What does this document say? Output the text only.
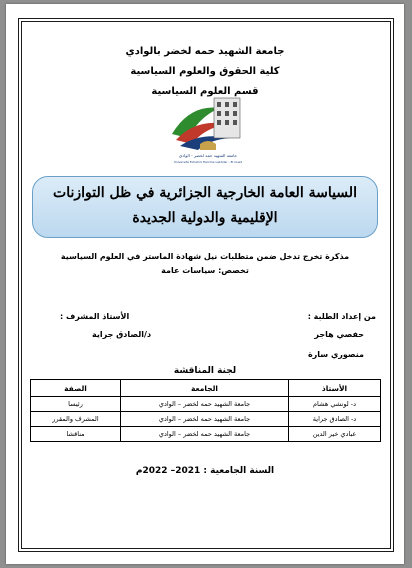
جامعة الشهيد حمه لخضر بالوادي
كلية الحقوق والعلوم السياسية
قسم العلوم السياسية
جامعة الشهيد حمه لخضر - الوادي
Université Echahid Hamma Lakhdar - El Oued
السياسة العامة الخارجية الجزائرية في ظل التوازنات
الإقليمية والدولية الجديدة
مذكرة تخرج تدخل ضمن متطلبات نيل شهادة الماستر في العلوم السياسية
تخصص: سياسات عامة
من إعداد الطلبة :
حفصي هاجر
منصوري سارة
الأستاذ المشرف :
د/الصادق جراية
لجنة المناقشة
الأستاذ	الجامعة	الصفة
د- لونشي هشام	جامعة الشهيد حمه لخضر – الوادي	رئيسا
د- الصادق جراية	جامعة الشهيد حمه لخضر – الوادي	المشرف والمقرر
عبادي خير الدين	جامعة الشهيد حمه لخضر – الوادي	مناقشا
السنة الجامعية : 2021– 2022م
